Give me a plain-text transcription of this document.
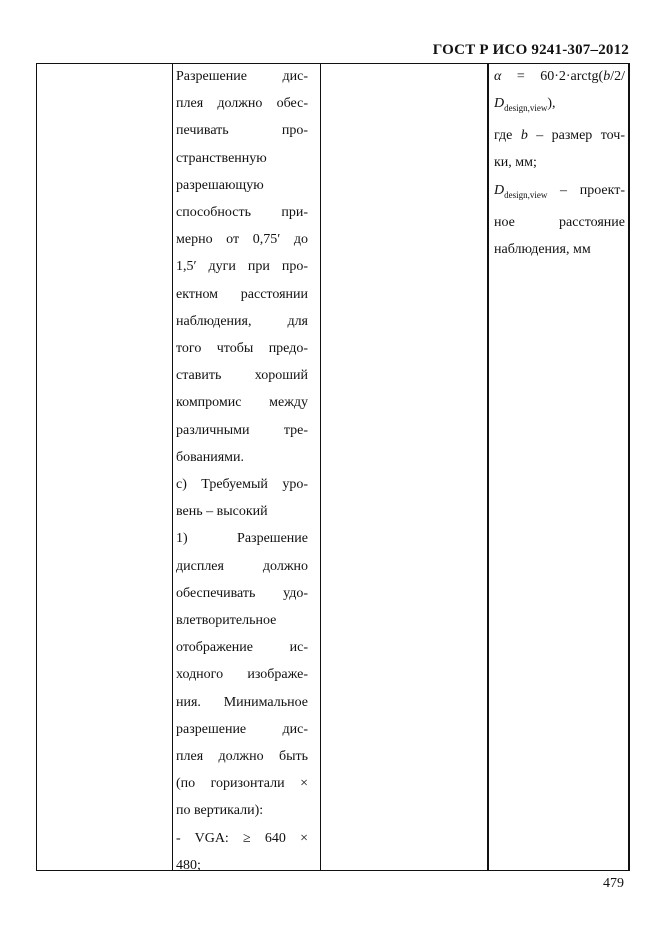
ГОСТ Р ИСО 9241-307–2012
Разрешение дис-
плея должно обес-
печивать про-
странственную
разрешающую
способность при-
мерно от 0,75′ до
1,5′ дуги при про-
ектном расстоянии
наблюдения, для
того чтобы предо-
ставить хороший
компромис между
различными тре-
бованиями.
c) Требуемый уро-
вень – высокий
1) Разрешение
дисплея должно
обеспечивать удо-
влетворительное
отображение ис-
ходного изображе-
ния. Минимальное
разрешение дис-
плея должно быть
(по горизонтали ×
по вертикали):
- VGA: ≥ 640 ×
480;
α = 60·2·arctg(b/2/
$D_{design,view}$),
где b – размер точ-
ки, мм;
$D_{design,view}$ – проект-
ное расстояние
наблюдения, мм
479
